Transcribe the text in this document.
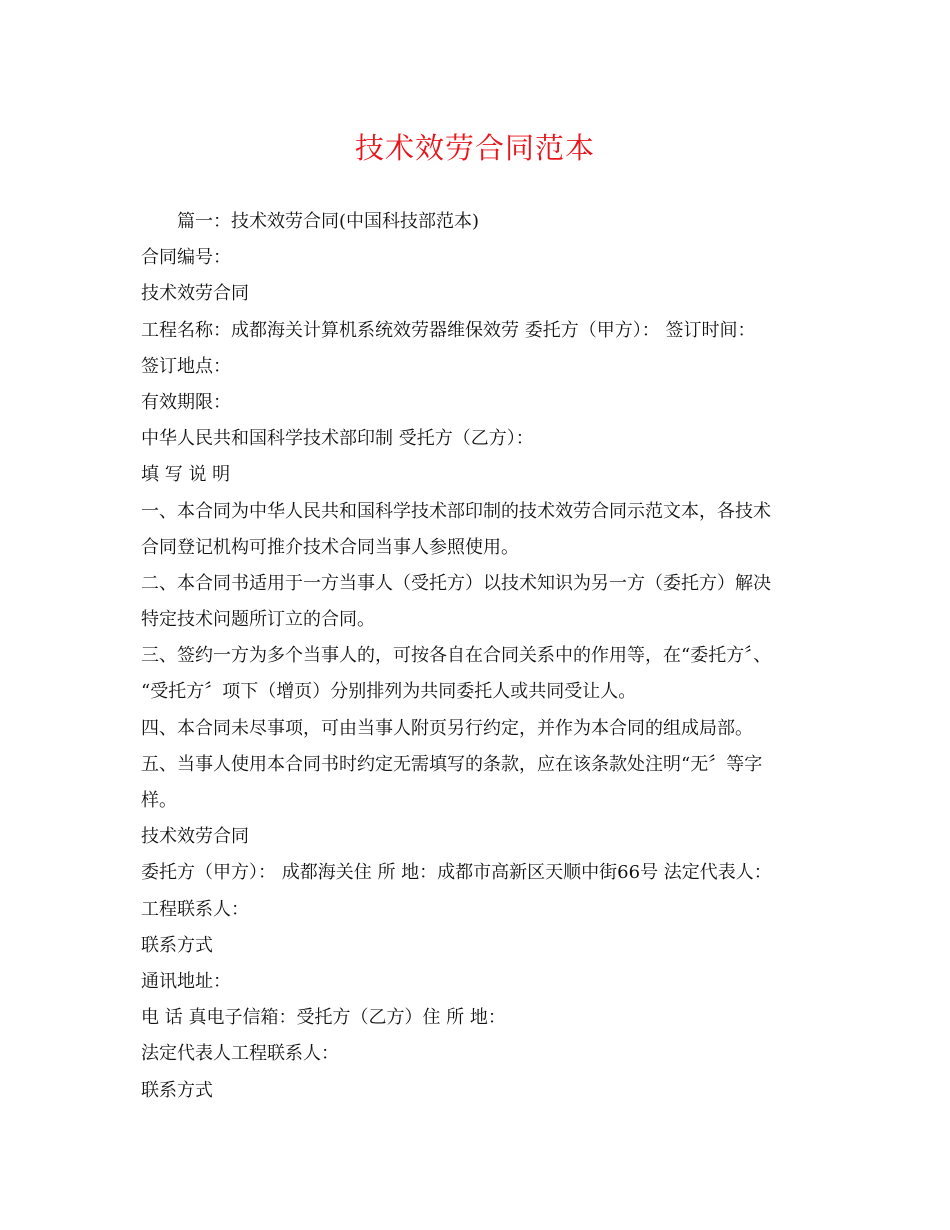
技术效劳合同范本
篇一：技术效劳合同(中国科技部范本)
合同编号：
技术效劳合同
工程名称：成都海关计算机系统效劳器维保效劳 委托方（甲方）： 签订时间：
签订地点：
有效期限：
中华人民共和国科学技术部印制 受托方（乙方）：
填 写 说 明
一、本合同为中华人民共和国科学技术部印制的技术效劳合同示范文本，各技术
合同登记机构可推介技术合同当事人参照使用。
二、本合同书适用于一方当事人（受托方）以技术知识为另一方（委托方）解决
特定技术问题所订立的合同。
三、签约一方为多个当事人的，可按各自在合同关系中的作用等，在“委托方〞、
“受托方〞项下（增页）分别排列为共同委托人或共同受让人。
四、本合同未尽事项，可由当事人附页另行约定，并作为本合同的组成局部。
五、当事人使用本合同书时约定无需填写的条款，应在该条款处注明“无〞等字
样。
技术效劳合同
委托方（甲方）： 成都海关住 所 地：成都市高新区天顺中街66号 法定代表人：
工程联系人：
联系方式
通讯地址：
电 话 真电子信箱：受托方（乙方）住 所 地：
法定代表人工程联系人：
联系方式
